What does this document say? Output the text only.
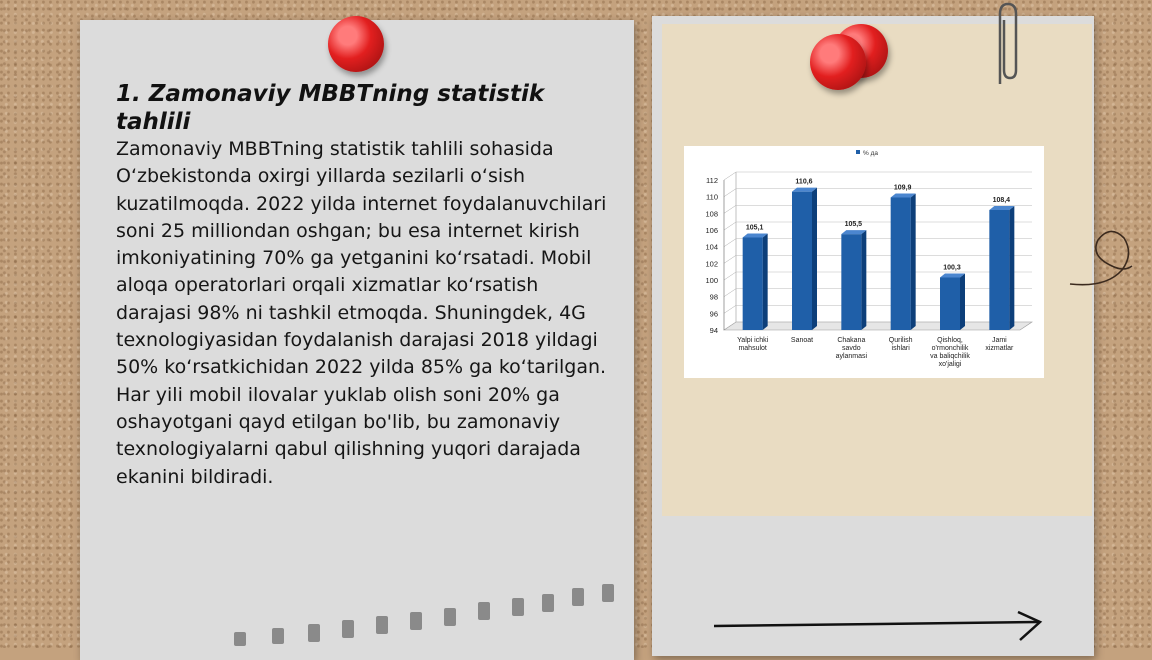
1. Zamonaviy MBBTning statistik tahlili

Zamonaviy MBBTning statistik tahlili sohasida O‘zbekistonda oxirgi yillarda sezilarli o‘sish kuzatilmoqda. 2022 yilda internet foydalanuvchilari soni 25 milliondan oshgan; bu esa internet kirish imkoniyatining 70% ga yetganini ko‘rsatadi. Mobil aloqa operatorlari orqali xizmatlar ko‘rsatish darajasi 98% ni tashkil etmoqda. Shuningdek, 4G texnologiyasidan foydalanish darajasi 2018 yildagi 50% ko‘rsatkichidan 2022 yilda 85% ga ko‘tarilgan. Har yili mobil ilovalar yuklab olish soni 20% ga oshayotgani qayd etilgan bo'lib, bu zamonaviy texnologiyalarni qabul qilishning yuqori darajada ekanini bildiradi.

94
96
98
100
102
104
106
108
110
112
% да
105,1
Yalpi ichki
mahsulot
110,6
Sanoat
105,5
Chakana
savdo
aylanmasi
109,9
Qurilish
ishlari
100,3
Qishloq,
o'rmonchilik
va baliqchilik
xo'jaligi
108,4
Jami
xizmatlar
